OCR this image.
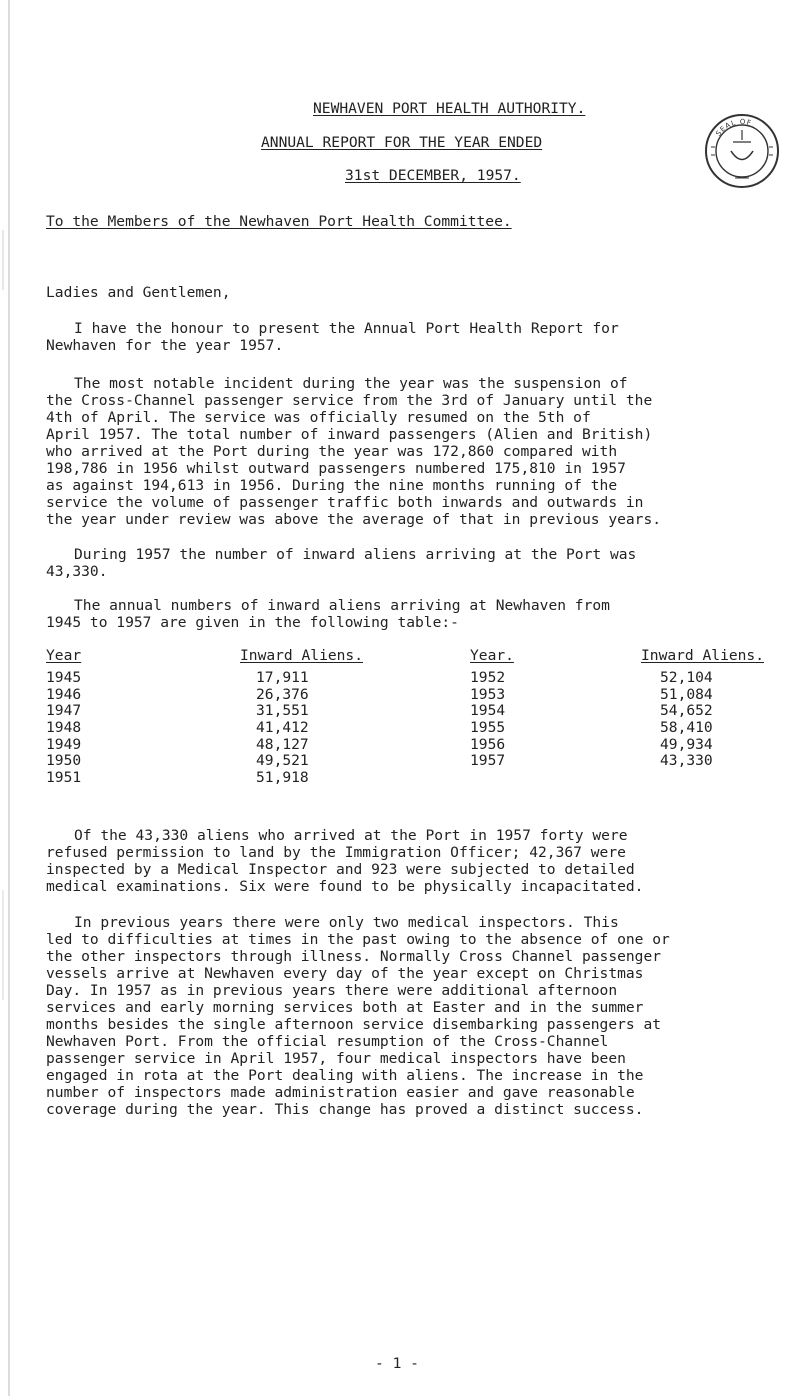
NEWHAVEN PORT HEALTH AUTHORITY.
ANNUAL REPORT FOR THE YEAR ENDED
31st DECEMBER, 1957.
To the Members of the Newhaven Port Health Committee.
SEAL OF
Ladies and Gentlemen,
I have the honour to present the Annual Port Health Report for
Newhaven for the year 1957.
The most notable incident during the year was the suspension of
the Cross-Channel passenger service from the 3rd of January until the
4th of April. The service was officially resumed on the 5th of
April 1957. The total number of inward passengers (Alien and British)
who arrived at the Port during the year was 172,860 compared with
198,786 in 1956 whilst outward passengers numbered 175,810 in 1957
as against 194,613 in 1956. During the nine months running of the
service the volume of passenger traffic both inwards and outwards in
the year under review was above the average of that in previous years.
During 1957 the number of inward aliens arriving at the Port was
43,330.
The annual numbers of inward aliens arriving at Newhaven from
1945 to 1957 are given in the following table:-
Year
1945
1946
1947
1948
1949
1950
1951
Inward Aliens.
17,911
26,376
31,551
41,412
48,127
49,521
51,918
Year.
1952
1953
1954
1955
1956
1957
Inward Aliens.
52,104
51,084
54,652
58,410
49,934
43,330
Of the 43,330 aliens who arrived at the Port in 1957 forty were
refused permission to land by the Immigration Officer; 42,367 were
inspected by a Medical Inspector and 923 were subjected to detailed
medical examinations. Six were found to be physically incapacitated.
In previous years there were only two medical inspectors. This
led to difficulties at times in the past owing to the absence of one or
the other inspectors through illness. Normally Cross Channel passenger
vessels arrive at Newhaven every day of the year except on Christmas
Day. In 1957 as in previous years there were additional afternoon
services and early morning services both at Easter and in the summer
months besides the single afternoon service disembarking passengers at
Newhaven Port. From the official resumption of the Cross-Channel
passenger service in April 1957, four medical inspectors have been
engaged in rota at the Port dealing with aliens. The increase in the
number of inspectors made administration easier and gave reasonable
coverage during the year. This change has proved a distinct success.
- 1 -
